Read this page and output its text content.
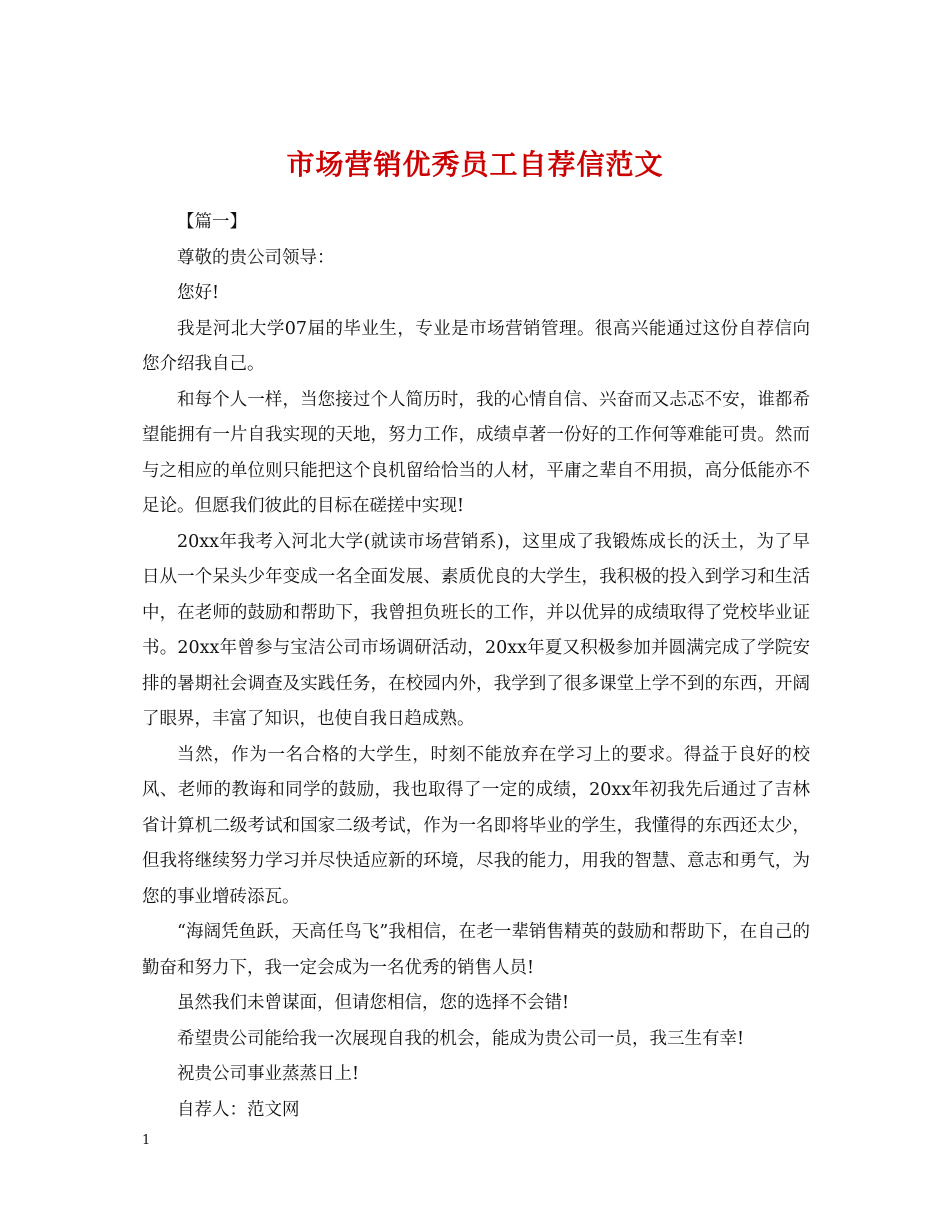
市场营销优秀员工自荐信范文

【篇一】

尊敬的贵公司领导：

您好!

我是河北大学07届的毕业生，专业是市场营销管理。很高兴能通过这份自荐信向您介绍我自己。

和每个人一样，当您接过个人简历时，我的心情自信、兴奋而又忐忑不安，谁都希望能拥有一片自我实现的天地，努力工作，成绩卓著一份好的工作何等难能可贵。然而与之相应的单位则只能把这个良机留给恰当的人材，平庸之辈自不用损，高分低能亦不足论。但愿我们彼此的目标在磋搓中实现!

20xx年我考入河北大学(就读市场营销系)，这里成了我锻炼成长的沃土，为了早日从一个呆头少年变成一名全面发展、素质优良的大学生，我积极的投入到学习和生活中，在老师的鼓励和帮助下，我曾担负班长的工作，并以优异的成绩取得了党校毕业证书。20xx年曾参与宝洁公司市场调研活动，20xx年夏又积极参加并圆满完成了学院安排的暑期社会调查及实践任务，在校园内外，我学到了很多课堂上学不到的东西，开阔了眼界，丰富了知识，也使自我日趋成熟。

当然，作为一名合格的大学生，时刻不能放弃在学习上的要求。得益于良好的校风、老师的教诲和同学的鼓励，我也取得了一定的成绩，20xx年初我先后通过了吉林省计算机二级考试和国家二级考试，作为一名即将毕业的学生，我懂得的东西还太少，但我将继续努力学习并尽快适应新的环境，尽我的能力，用我的智慧、意志和勇气，为您的事业增砖添瓦。

“海阔凭鱼跃，天高任鸟飞”我相信，在老一辈销售精英的鼓励和帮助下，在自己的勤奋和努力下，我一定会成为一名优秀的销售人员!

虽然我们未曾谋面，但请您相信，您的选择不会错!

希望贵公司能给我一次展现自我的机会，能成为贵公司一员，我三生有幸!

祝贵公司事业蒸蒸日上!

自荐人：范文网

1
